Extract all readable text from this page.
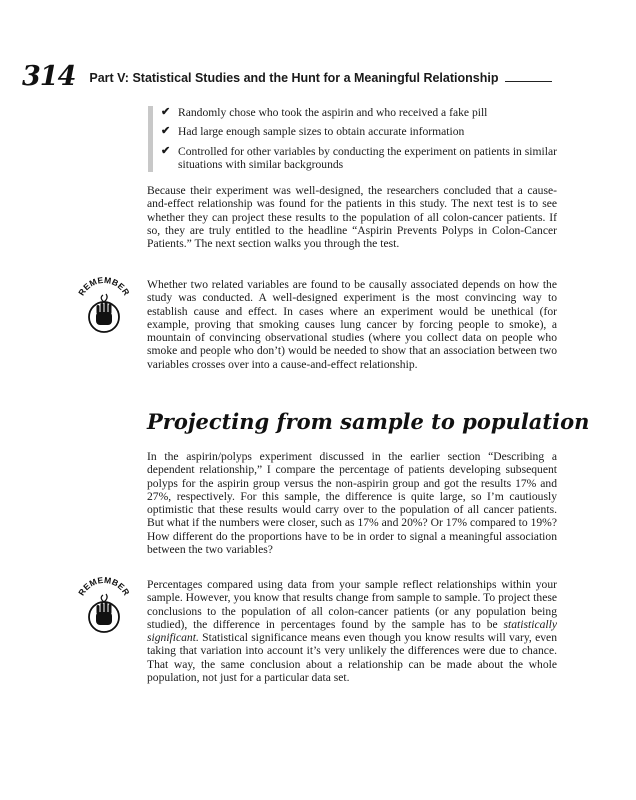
314 Part V: Statistical Studies and the Hunt for a Meaningful Relationship
✔ Randomly chose who took the aspirin and who received a fake pill
✔ Had large enough sample sizes to obtain accurate information
✔ Controlled for other variables by conducting the experiment on patients in similar situations with similar backgrounds

Because their experiment was well-designed, the researchers concluded that a cause-and-effect relationship was found for the patients in this study. The next test is to see whether they can project these results to the population of all colon-cancer patients. If so, they are truly entitled to the headline “Aspirin Prevents Polyps in Colon-Cancer Patients.” The next section walks you through the test.

REMEMBER

Whether two related variables are found to be causally associated depends on how the study was conducted. A well-designed experiment is the most convincing way to establish cause and effect. In cases where an experiment would be unethical (for example, proving that smoking causes lung cancer by forcing people to smoke), a mountain of convincing observational studies (where you collect data on people who smoke and people who don’t) would be needed to show that an association between two variables crosses over into a cause-and-effect relationship.

Projecting from sample to population

In the aspirin/polyps experiment discussed in the earlier section “Describing a dependent relationship,” I compare the percentage of patients developing subsequent polyps for the aspirin group versus the non-aspirin group and got the results 17% and 27%, respectively. For this sample, the difference is quite large, so I’m cautiously optimistic that these results would carry over to the population of all cancer patients. But what if the numbers were closer, such as 17% and 20%? Or 17% compared to 19%? How different do the proportions have to be in order to signal a meaningful association between the two variables?

REMEMBER

Percentages compared using data from your sample reflect relationships within your sample. However, you know that results change from sample to sample. To project these conclusions to the population of all colon-cancer patients (or any population being studied), the difference in percentages found by the sample has to be statistically significant. Statistical significance means even though you know results will vary, even taking that variation into account it’s very unlikely the differences were due to chance. That way, the same conclusion about a relationship can be made about the whole population, not just for a particular data set.
